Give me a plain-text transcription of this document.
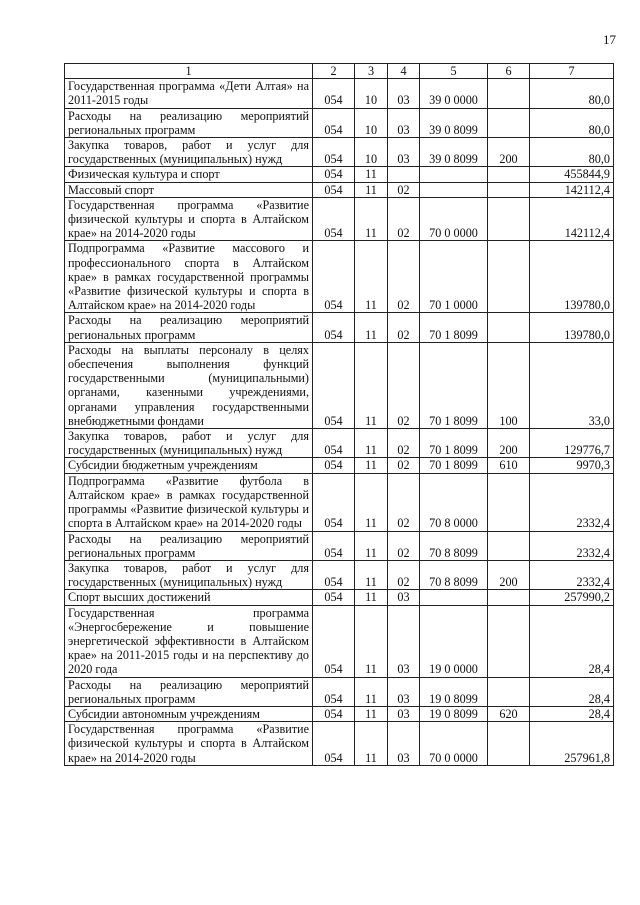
17
1	2	3	4	5	6	7
Государственная программа «Дети Алтая» на 2011-2015 годы	054	10	03	39 0 0000		80,0
Расходы на реализацию мероприятий региональных программ	054	10	03	39 0 8099		80,0
Закупка товаров, работ и услуг для государственных (муниципальных) нужд	054	10	03	39 0 8099	200	80,0
Физическая культура и спорт	054	11				455844,9
Массовый спорт	054	11	02			142112,4
Государственная программа «Развитие физической культуры и спорта в Алтайском крае» на 2014-2020 годы	054	11	02	70 0 0000		142112,4
Подпрограмма «Развитие массового и профессионального спорта в Алтайском крае» в рамках государственной программы «Развитие физической культуры и спорта в Алтайском крае» на 2014-2020 годы	054	11	02	70 1 0000		139780,0
Расходы на реализацию мероприятий региональных программ	054	11	02	70 1 8099		139780,0
Расходы на выплаты персоналу в целях обеспечения выполнения функций государственными (муниципальными) органами, казенными учреждениями, органами управления государственными внебюджетными фондами	054	11	02	70 1 8099	100	33,0
Закупка товаров, работ и услуг для государственных (муниципальных) нужд	054	11	02	70 1 8099	200	129776,7
Субсидии бюджетным учреждениям	054	11	02	70 1 8099	610	9970,3
Подпрограмма «Развитие футбола в Алтайском крае» в рамках государственной программы «Развитие физической культуры и спорта в Алтайском крае» на 2014-2020 годы	054	11	02	70 8 0000		2332,4
Расходы на реализацию мероприятий региональных программ	054	11	02	70 8 8099		2332,4
Закупка товаров, работ и услуг для государственных (муниципальных) нужд	054	11	02	70 8 8099	200	2332,4
Спорт высших достижений	054	11	03			257990,2
Государственная программа «Энергосбережение и повышение энергетической эффективности в Алтайском крае» на 2011-2015 годы и на перспективу до 2020 года	054	11	03	19 0 0000		28,4
Расходы на реализацию мероприятий региональных программ	054	11	03	19 0 8099		28,4
Субсидии автономным учреждениям	054	11	03	19 0 8099	620	28,4
Государственная программа «Развитие физической культуры и спорта в Алтайском крае» на 2014-2020 годы	054	11	03	70 0 0000		257961,8
